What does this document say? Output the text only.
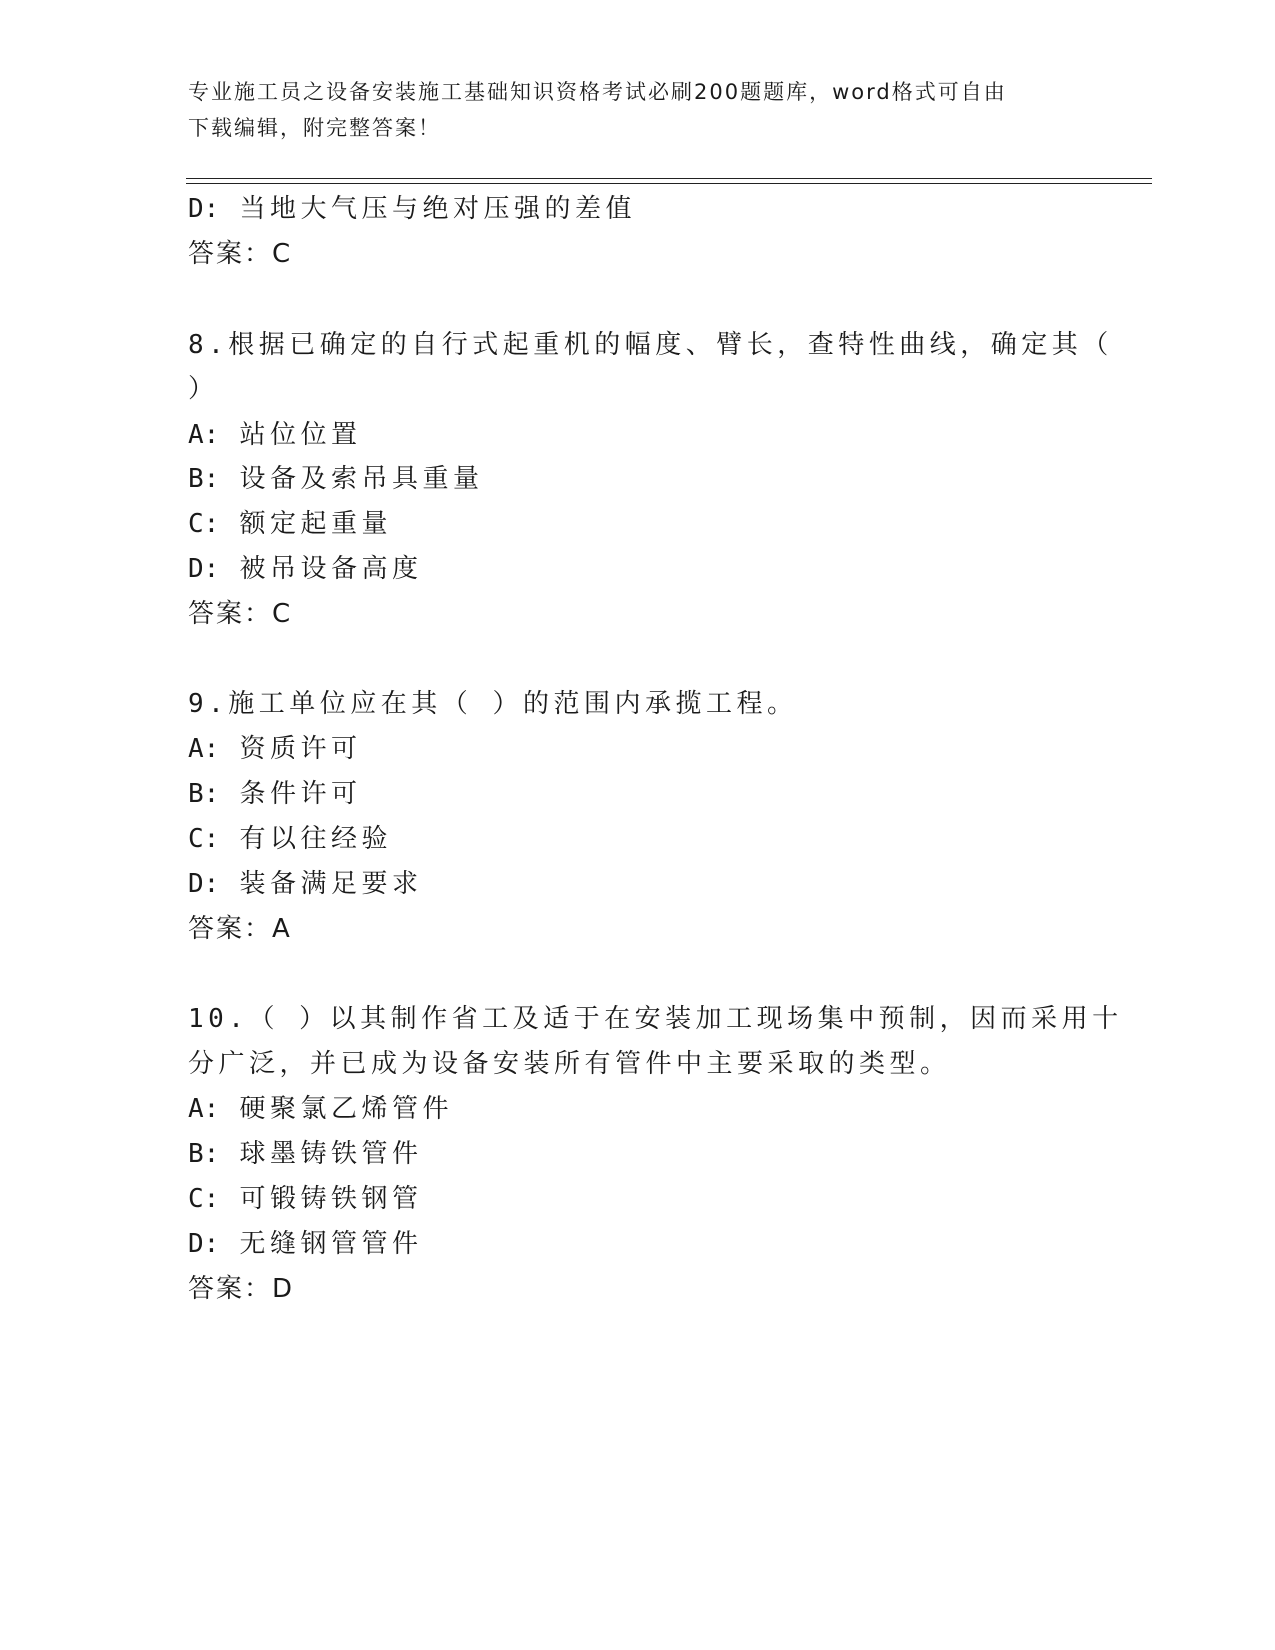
专业施工员之设备安装施工基础知识资格考试必刷200题题库，word格式可自由
下载编辑，附完整答案！
D: 当地大气压与绝对压强的差值
答案：C
8.根据已确定的自行式起重机的幅度、臂长，查特性曲线，确定其（
）
A: 站位位置
B: 设备及索吊具重量
C: 额定起重量
D: 被吊设备高度
答案：C
9.施工单位应在其（ ）的范围内承揽工程。
A: 资质许可
B: 条件许可
C: 有以往经验
D: 装备满足要求
答案：A
10.（ ）以其制作省工及适于在安装加工现场集中预制，因而采用十
分广泛，并已成为设备安装所有管件中主要采取的类型。
A: 硬聚氯乙烯管件
B: 球墨铸铁管件
C: 可锻铸铁钢管
D: 无缝钢管管件
答案：D
